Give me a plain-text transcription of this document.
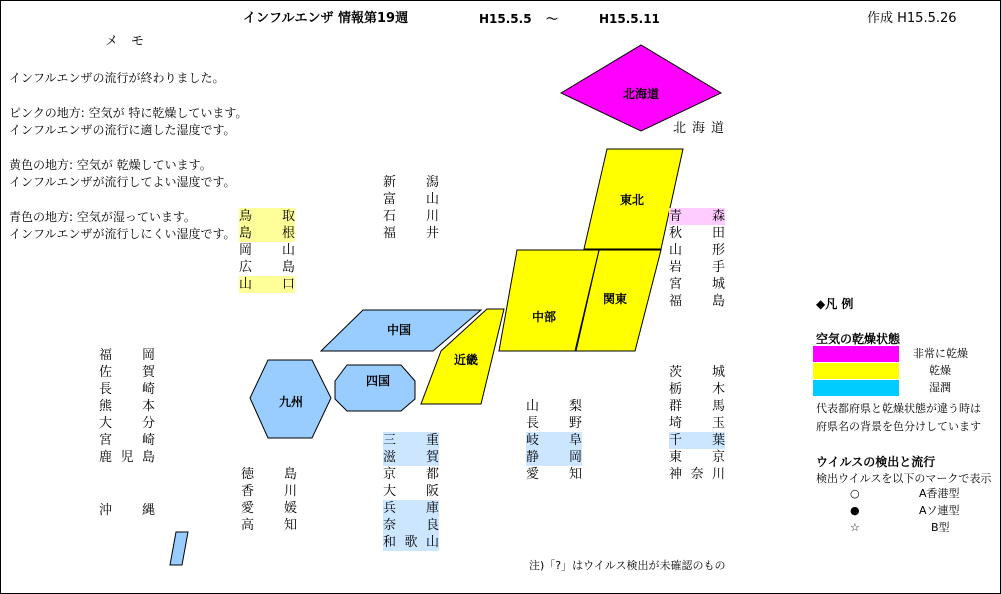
インフルエンザ 情報第19週	H15.5.5 ～	H15.5.11	作成 H15.5.26
メ　モ
インフルエンザの流行が終わりました。
ピンクの地方: 空気が 特に乾燥しています。
インフルエンザの流行に適した湿度です。
黄色の地方: 空気が 乾燥しています。
インフルエンザが流行してよい湿度です。
青色の地方: 空気が湿っています。
インフルエンザが流行しにくい湿度です。
北海道
東北
関東
中部
近畿
中国
四国
九州
北海道
新 潟
富 山
石 川
福 井
鳥 取
島 根
岡 山
広 島
山 口
青 森
秋 田
山 形
岩 手
宮 城
福 島
茨 城
栃 木
群 馬
埼 玉
千 葉
東 京
神 奈 川
山 梨
長 野
岐 阜
静 岡
愛 知
三 重
滋 賀
京 都
大 阪
兵 庫
奈 良
和 歌 山
徳 島
香 川
愛 媛
高 知
福 岡
佐 賀
長 崎
熊 本
大 分
宮 崎
鹿 児 島
沖 縄
◆凡 例
空気の乾燥状態
非常に乾燥
乾燥
湿潤
代表都府県と乾燥状態が違う時は
府県名の背景を色分けしています
ウイルスの検出と流行
検出ウイルスを以下のマークで表示
○	A香港型
●	Aソ連型
☆	B型
注)「?」はウイルス検出が未確認のもの
